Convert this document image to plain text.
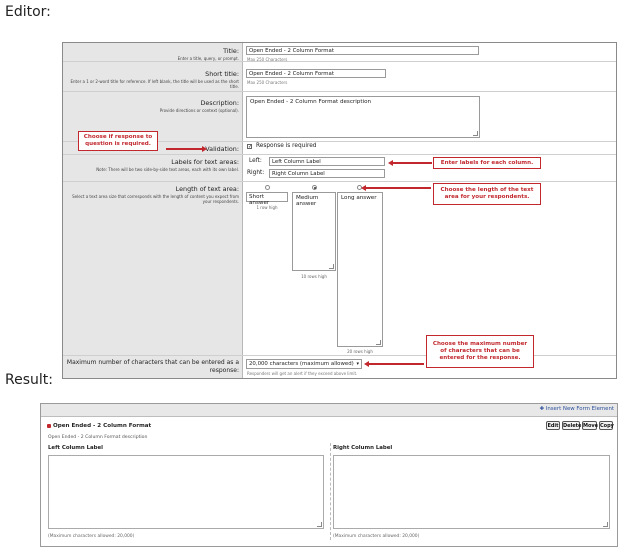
Editor:
Title:
Enter a title, query, or prompt.
Open Ended - 2 Column Format
Max 250 Characters
Short title:
Enter a 1 or 2-word title for reference. If left blank, the title will be used as the short title.
Open Ended - 2 Column Format
Max 250 Characters
Description:
Provide directions or context (optional).
Open Ended - 2 Column Format description
Validation: ✓ Response is required
Labels for text areas:
Note: There will be two side-by-side text areas, each with its own label.
Left:	Left Column Label
Right:	Right Column Label
Length of text area:
Select a text area size that corresponds with the length of content you expect from your respondents.
Short answer
1 row high
Medium answer
10 rows high
Long answer
20 rows high
Maximum number of characters that can be entered as a response:
20,000 characters (maximum allowed) ▾
Responders will get an alert if they exceed above limit.
Choose if response to question is required.
Enter labels for each column.
Choose the length of the text area for your respondents.
Choose the maximum number of characters that can be entered for the response.
Result:
✚ Insert New Form Element
Open Ended - 2 Column Format	Edit Delete Move Copy
Open Ended - 2 Column Format description
Left Column Label	Right Column Label
(Maximum characters allowed: 20,000)	(Maximum characters allowed: 20,000)
